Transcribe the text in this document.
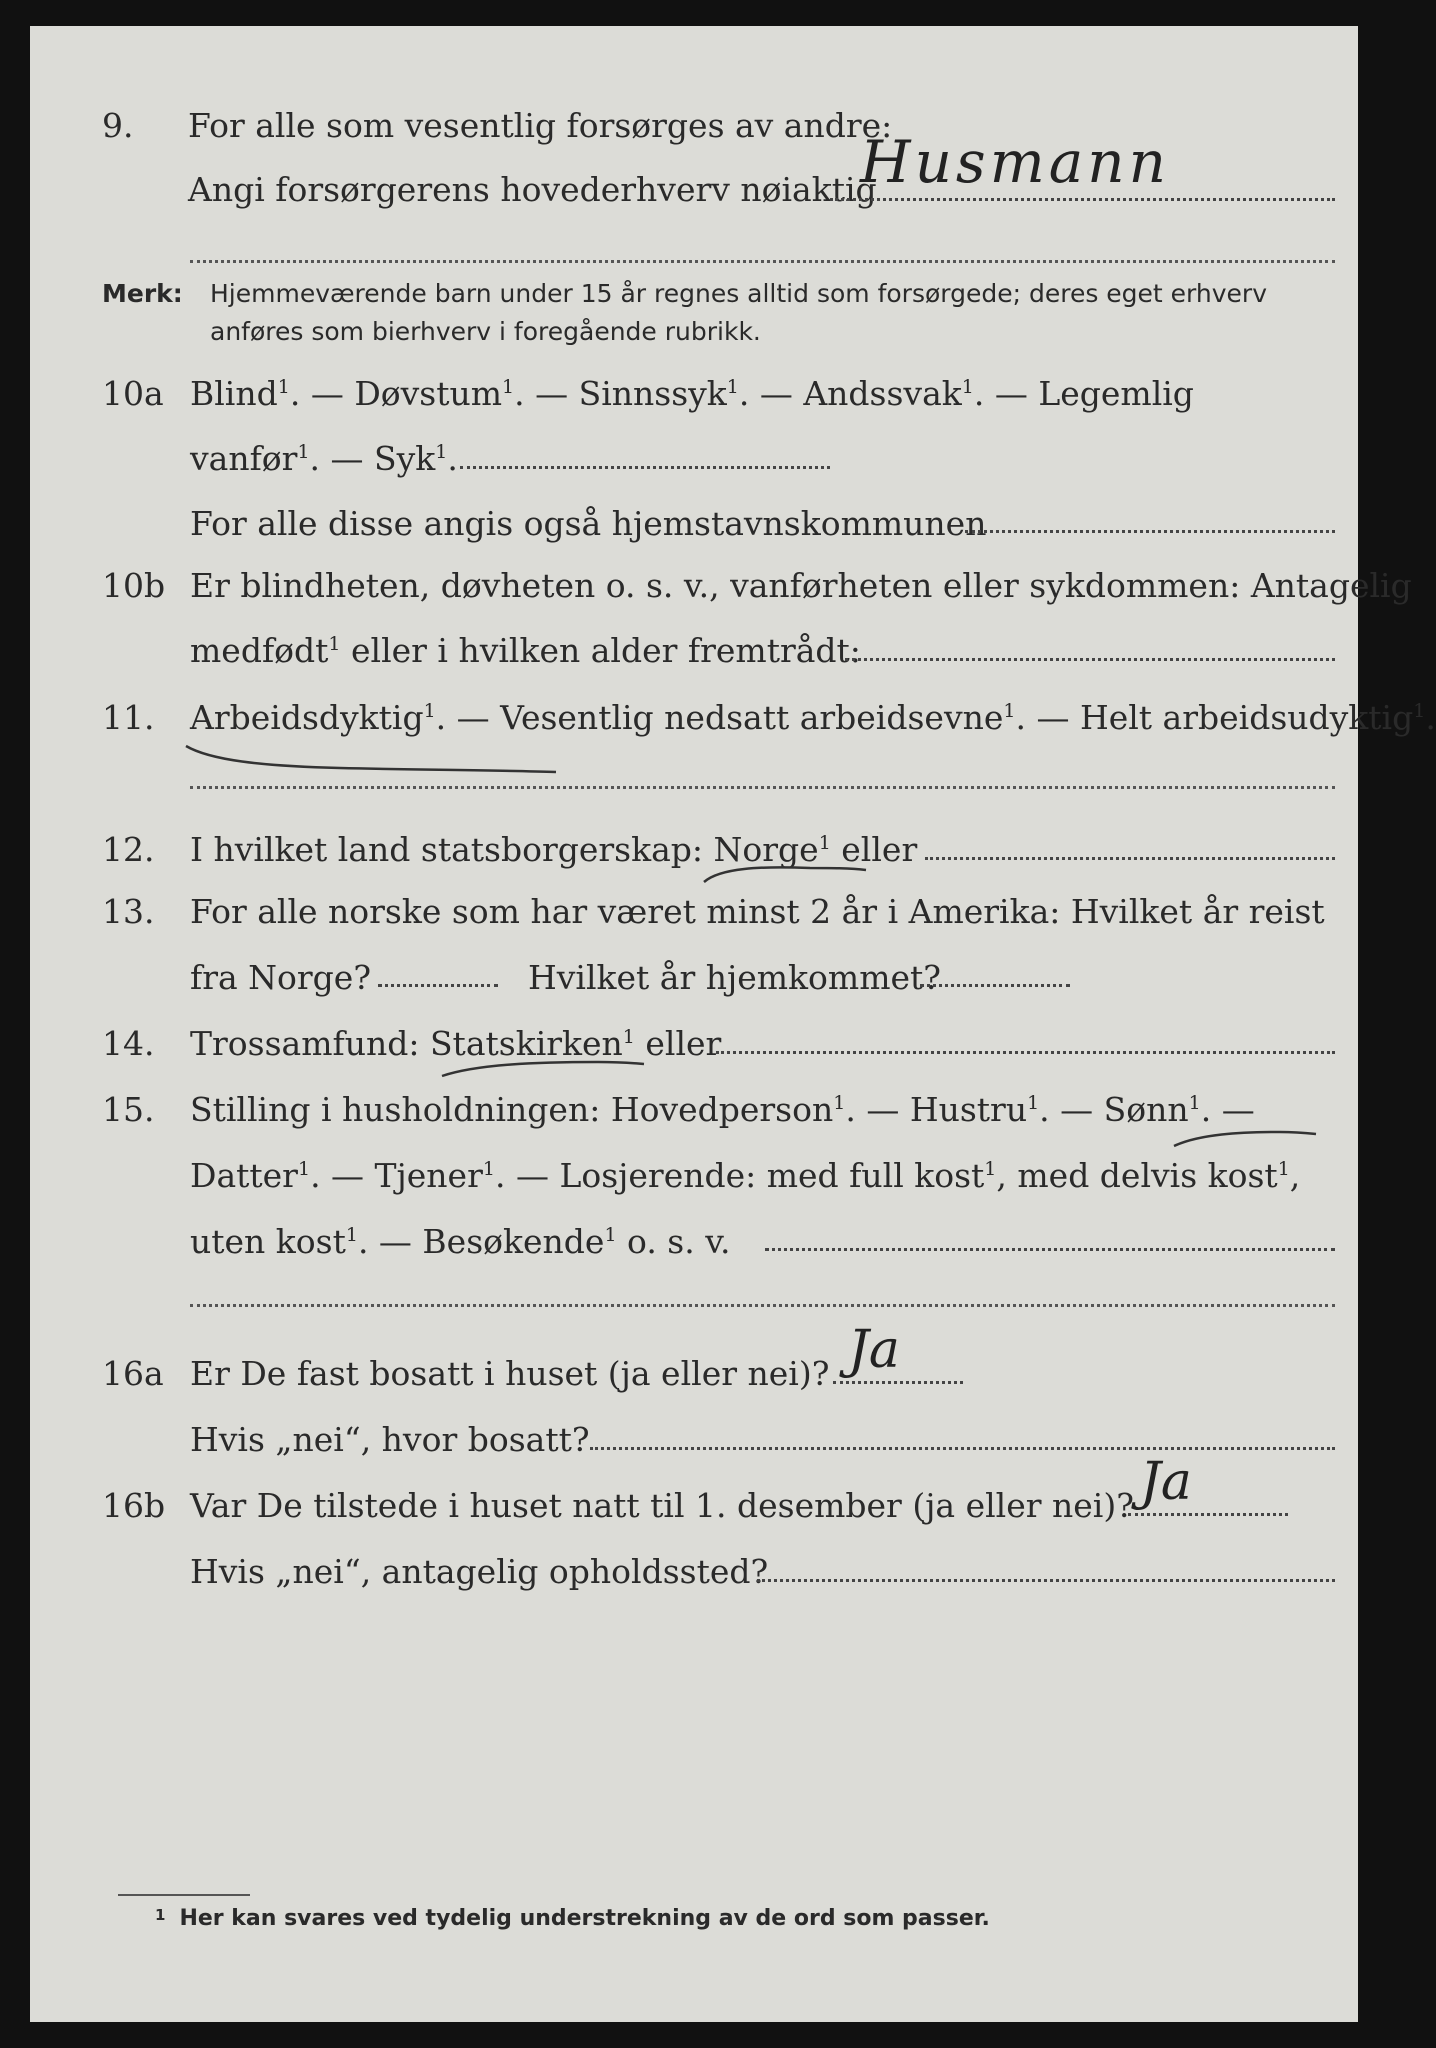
9. For alle som vesentlig forsørges av andre:
Angi forsørgerens hovederhverv nøiaktig
Husmann
Merk: Hjemmeværende barn under 15 år regnes alltid som forsørgede; deres eget erhverv
anføres som bierhverv i foregående rubrikk.
10a Blind$^1$. — Døvstum$^1$. — Sinnssyk$^1$. — Andssvak$^1$. — Legemlig
vanfør$^1$. — Syk$^1$.
For alle disse angis også hjemstavnskommunen
10b Er blindheten, døvheten o. s. v., vanførheten eller sykdommen: Antagelig
medfødt$^1$ eller i hvilken alder fremtrådt:
11. Arbeidsdyktig$^1$. — Vesentlig nedsatt arbeidsevne$^1$. — Helt arbeidsudyktig$^1$.
12. I hvilket land statsborgerskap: Norge$^1$ eller
13. For alle norske som har været minst 2 år i Amerika: Hvilket år reist
fra Norge?	Hvilket år hjemkommet?
14. Trossamfund: Statskirken$^1$ eller
15. Stilling i husholdningen: Hovedperson$^1$. — Hustru$^1$. — Sønn$^1$. —
Datter$^1$. — Tjener$^1$. — Losjerende: med full kost$^1$, med delvis kost$^1$,
uten kost$^1$. — Besøkende$^1$ o. s. v.
16a Er De fast bosatt i huset (ja eller nei)? Ja
Hvis „nei“, hvor bosatt?
16b Var De tilstede i huset natt til 1. desember (ja eller nei)? Ja
Hvis „nei“, antagelig opholdssted?
$^1$ Her kan svares ved tydelig understrekning av de ord som passer.
